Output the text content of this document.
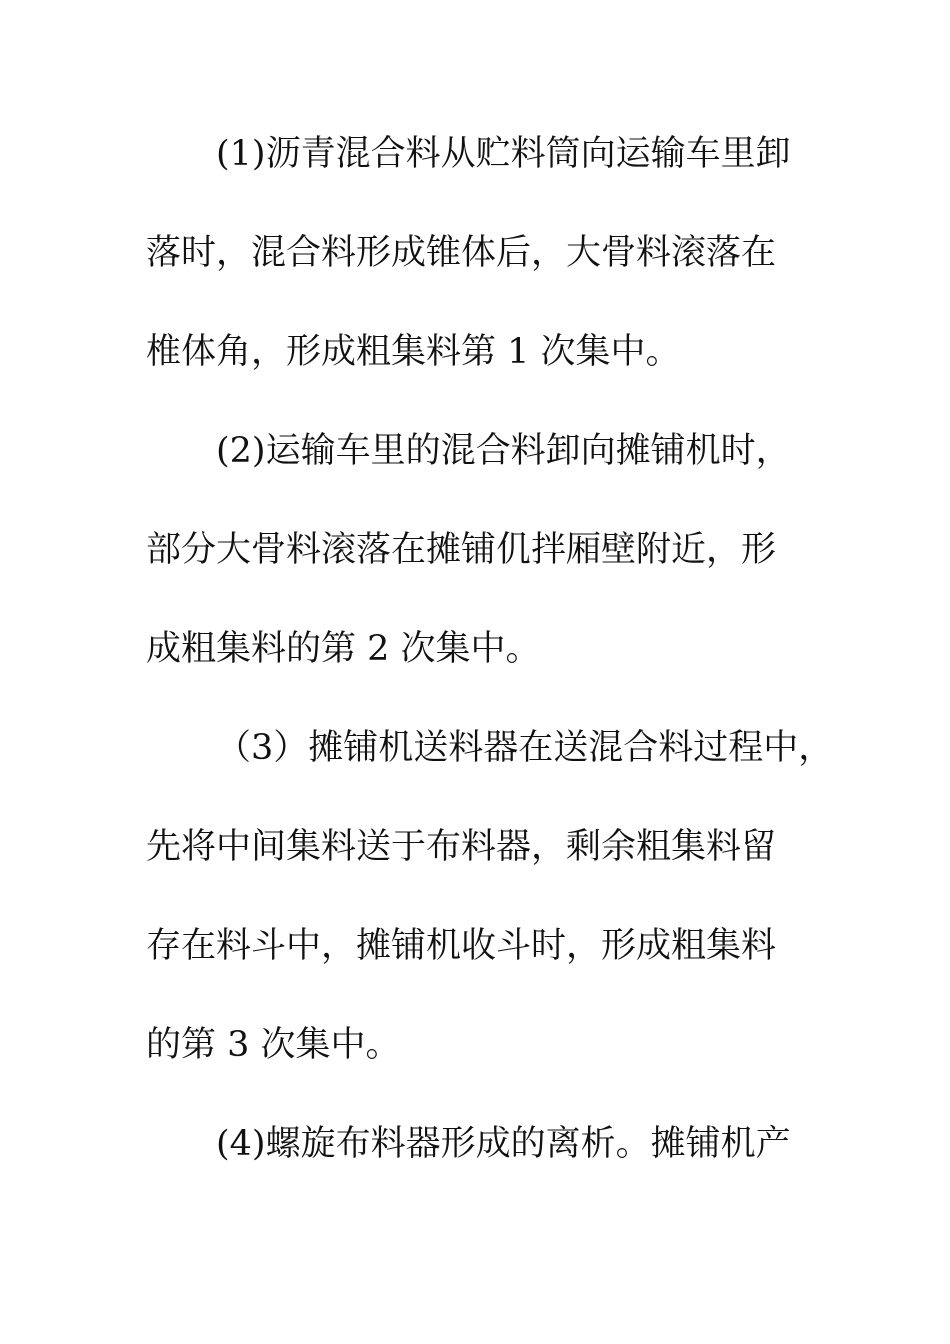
(1)沥青混合料从贮料筒向运输车里卸
落时，混合料形成锥体后，大骨料滚落在
椎体角，形成粗集料第 1 次集中。
(2)运输车里的混合料卸向摊铺机时，
部分大骨料滚落在摊铺仉拌厢壁附近，形
成粗集料的第 2 次集中。
（3）摊铺机送料器在送混合料过程中，
先将中间集料送于布料器，剩余粗集料留
存在料斗中，摊铺机收斗时，形成粗集料
的第 3 次集中。
(4)螺旋布料器形成的离析。摊铺机产
